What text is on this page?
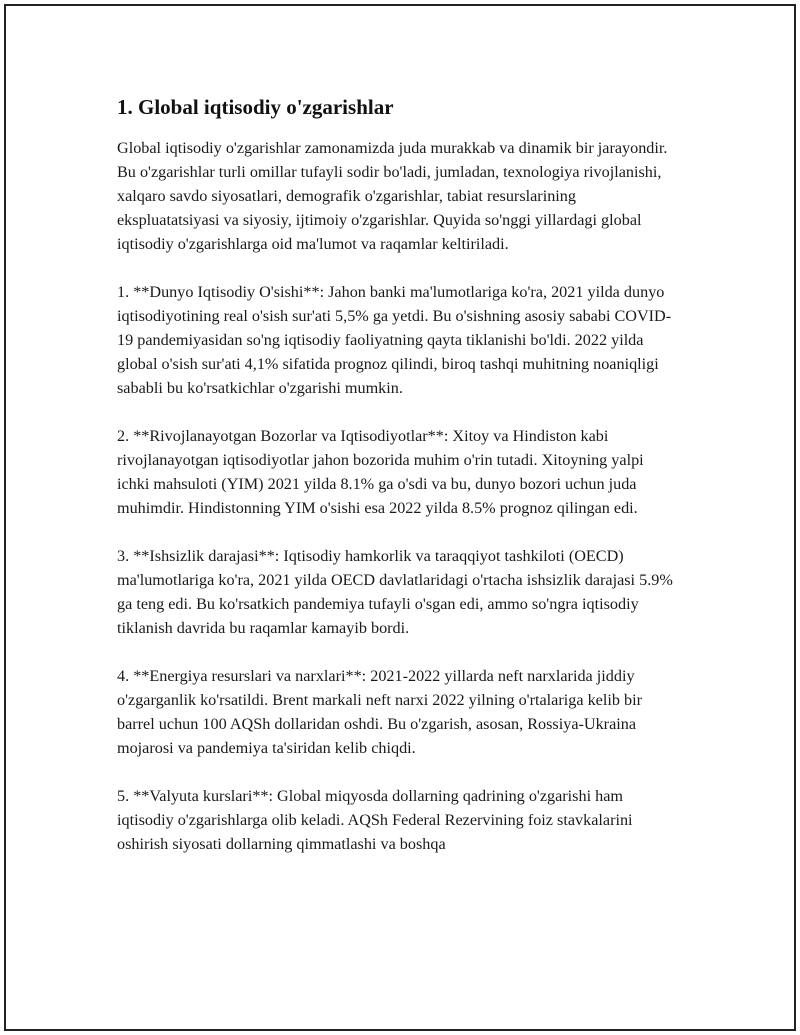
1. Global iqtisodiy o'zgarishlar

Global iqtisodiy o'zgarishlar zamonamizda juda murakkab va dinamik bir jarayondir. Bu o'zgarishlar turli omillar tufayli sodir bo'ladi, jumladan, texnologiya rivojlanishi, xalqaro savdo siyosatlari, demografik o'zgarishlar, tabiat resurslarining ekspluatatsiyasi va siyosiy, ijtimoiy o'zgarishlar. Quyida so'nggi yillardagi global iqtisodiy o'zgarishlarga oid ma'lumot va raqamlar keltiriladi.

1. **Dunyo Iqtisodiy O'sishi**: Jahon banki ma'lumotlariga ko'ra, 2021 yilda dunyo iqtisodiyotining real o'sish sur'ati 5,5% ga yetdi. Bu o'sishning asosiy sababi COVID-19 pandemiyasidan so'ng iqtisodiy faoliyatning qayta tiklanishi bo'ldi. 2022 yilda global o'sish sur'ati 4,1% sifatida prognoz qilindi, biroq tashqi muhitning noaniqligi sababli bu ko'rsatkichlar o'zgarishi mumkin.

2. **Rivojlanayotgan Bozorlar va Iqtisodiyotlar**: Xitoy va Hindiston kabi rivojlanayotgan iqtisodiyotlar jahon bozorida muhim o'rin tutadi. Xitoyning yalpi ichki mahsuloti (YIM) 2021 yilda 8.1% ga o'sdi va bu, dunyo bozori uchun juda muhimdir. Hindistonning YIM o'sishi esa 2022 yilda 8.5% prognoz qilingan edi.

3. **Ishsizlik darajasi**: Iqtisodiy hamkorlik va taraqqiyot tashkiloti (OECD) ma'lumotlariga ko'ra, 2021 yilda OECD davlatlaridagi o'rtacha ishsizlik darajasi 5.9% ga teng edi. Bu ko'rsatkich pandemiya tufayli o'sgan edi, ammo so'ngra iqtisodiy tiklanish davrida bu raqamlar kamayib bordi.

4. **Energiya resurslari va narxlari**: 2021-2022 yillarda neft narxlarida jiddiy o'zgarganlik ko'rsatildi. Brent markali neft narxi 2022 yilning o'rtalariga kelib bir barrel uchun 100 AQSh dollaridan oshdi. Bu o'zgarish, asosan, Rossiya-Ukraina mojarosi va pandemiya ta'siridan kelib chiqdi.

5. **Valyuta kurslari**: Global miqyosda dollarning qadrining o'zgarishi ham iqtisodiy o'zgarishlarga olib keladi. AQSh Federal Rezervining foiz stavkalarini oshirish siyosati dollarning qimmatlashi va boshqa
